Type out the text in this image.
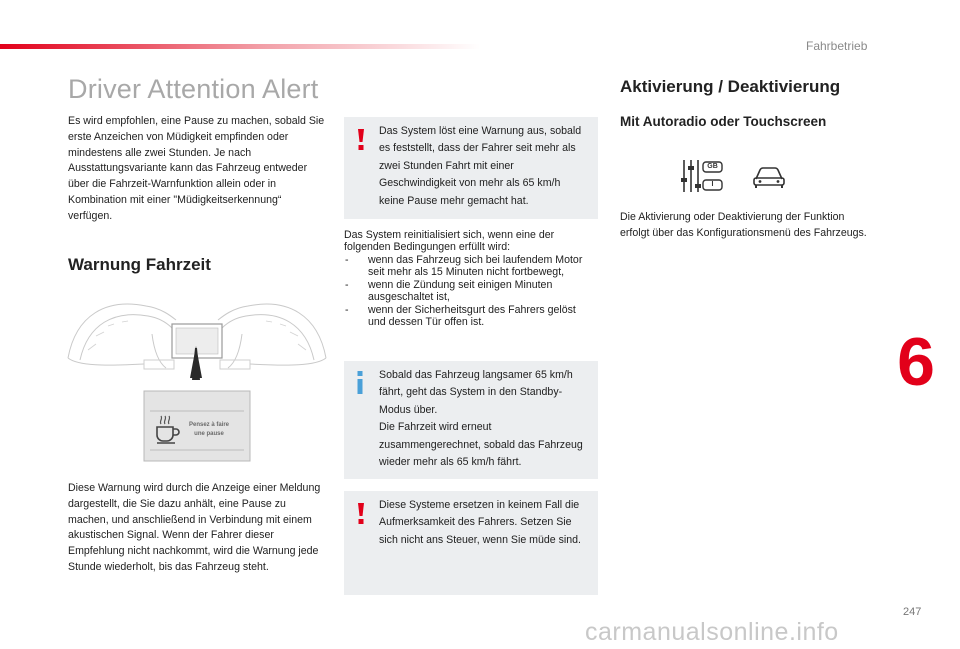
Fahrbetrieb
Driver Attention Alert
Es wird empfohlen, eine Pause zu machen, sobald Sie erste Anzeichen von Müdigkeit empfinden oder mindestens alle zwei Stunden. Je nach Ausstattungsvariante kann das Fahrzeug entweder über die Fahrzeit-Warnfunktion allein oder in Kombination mit einer "Müdigkeitserkennung“ verfügen.
Warnung Fahrzeit
Pensez à faire une pause
Diese Warnung wird durch die Anzeige einer Meldung dargestellt, die Sie dazu anhält, eine Pause zu machen, und anschließend in Verbindung mit einem akustischen Signal. Wenn der Fahrer dieser Empfehlung nicht nachkommt, wird die Warnung jede Stunde wiederholt, bis das Fahrzeug steht.
Das System löst eine Warnung aus, sobald es feststellt, dass der Fahrer seit mehr als zwei Stunden Fahrt mit einer Geschwindigkeit von mehr als 65 km/h keine Pause mehr gemacht hat.
Das System reinitialisiert sich, wenn eine der folgenden Bedingungen erfüllt wird:
-	wenn das Fahrzeug sich bei laufendem Motor seit mehr als 15 Minuten nicht fortbewegt,
-	wenn die Zündung seit einigen Minuten ausgeschaltet ist,
-	wenn der Sicherheitsgurt des Fahrers gelöst und dessen Tür offen ist.
Sobald das Fahrzeug langsamer 65 km/h fährt, geht das System in den Standby-Modus über.
Die Fahrzeit wird erneut zusammengerechnet, sobald das Fahrzeug wieder mehr als 65 km/h fährt.
Diese Systeme ersetzen in keinem Fall die Aufmerksamkeit des Fahrers. Setzen Sie sich nicht ans Steuer, wenn Sie müde sind.
Aktivierung / Deaktivierung
Mit Autoradio oder Touchscreen
GB
I
Die Aktivierung oder Deaktivierung der Funktion erfolgt über das Konfigurationsmenü des Fahrzeugs.
6
247
carmanualsonline.info
